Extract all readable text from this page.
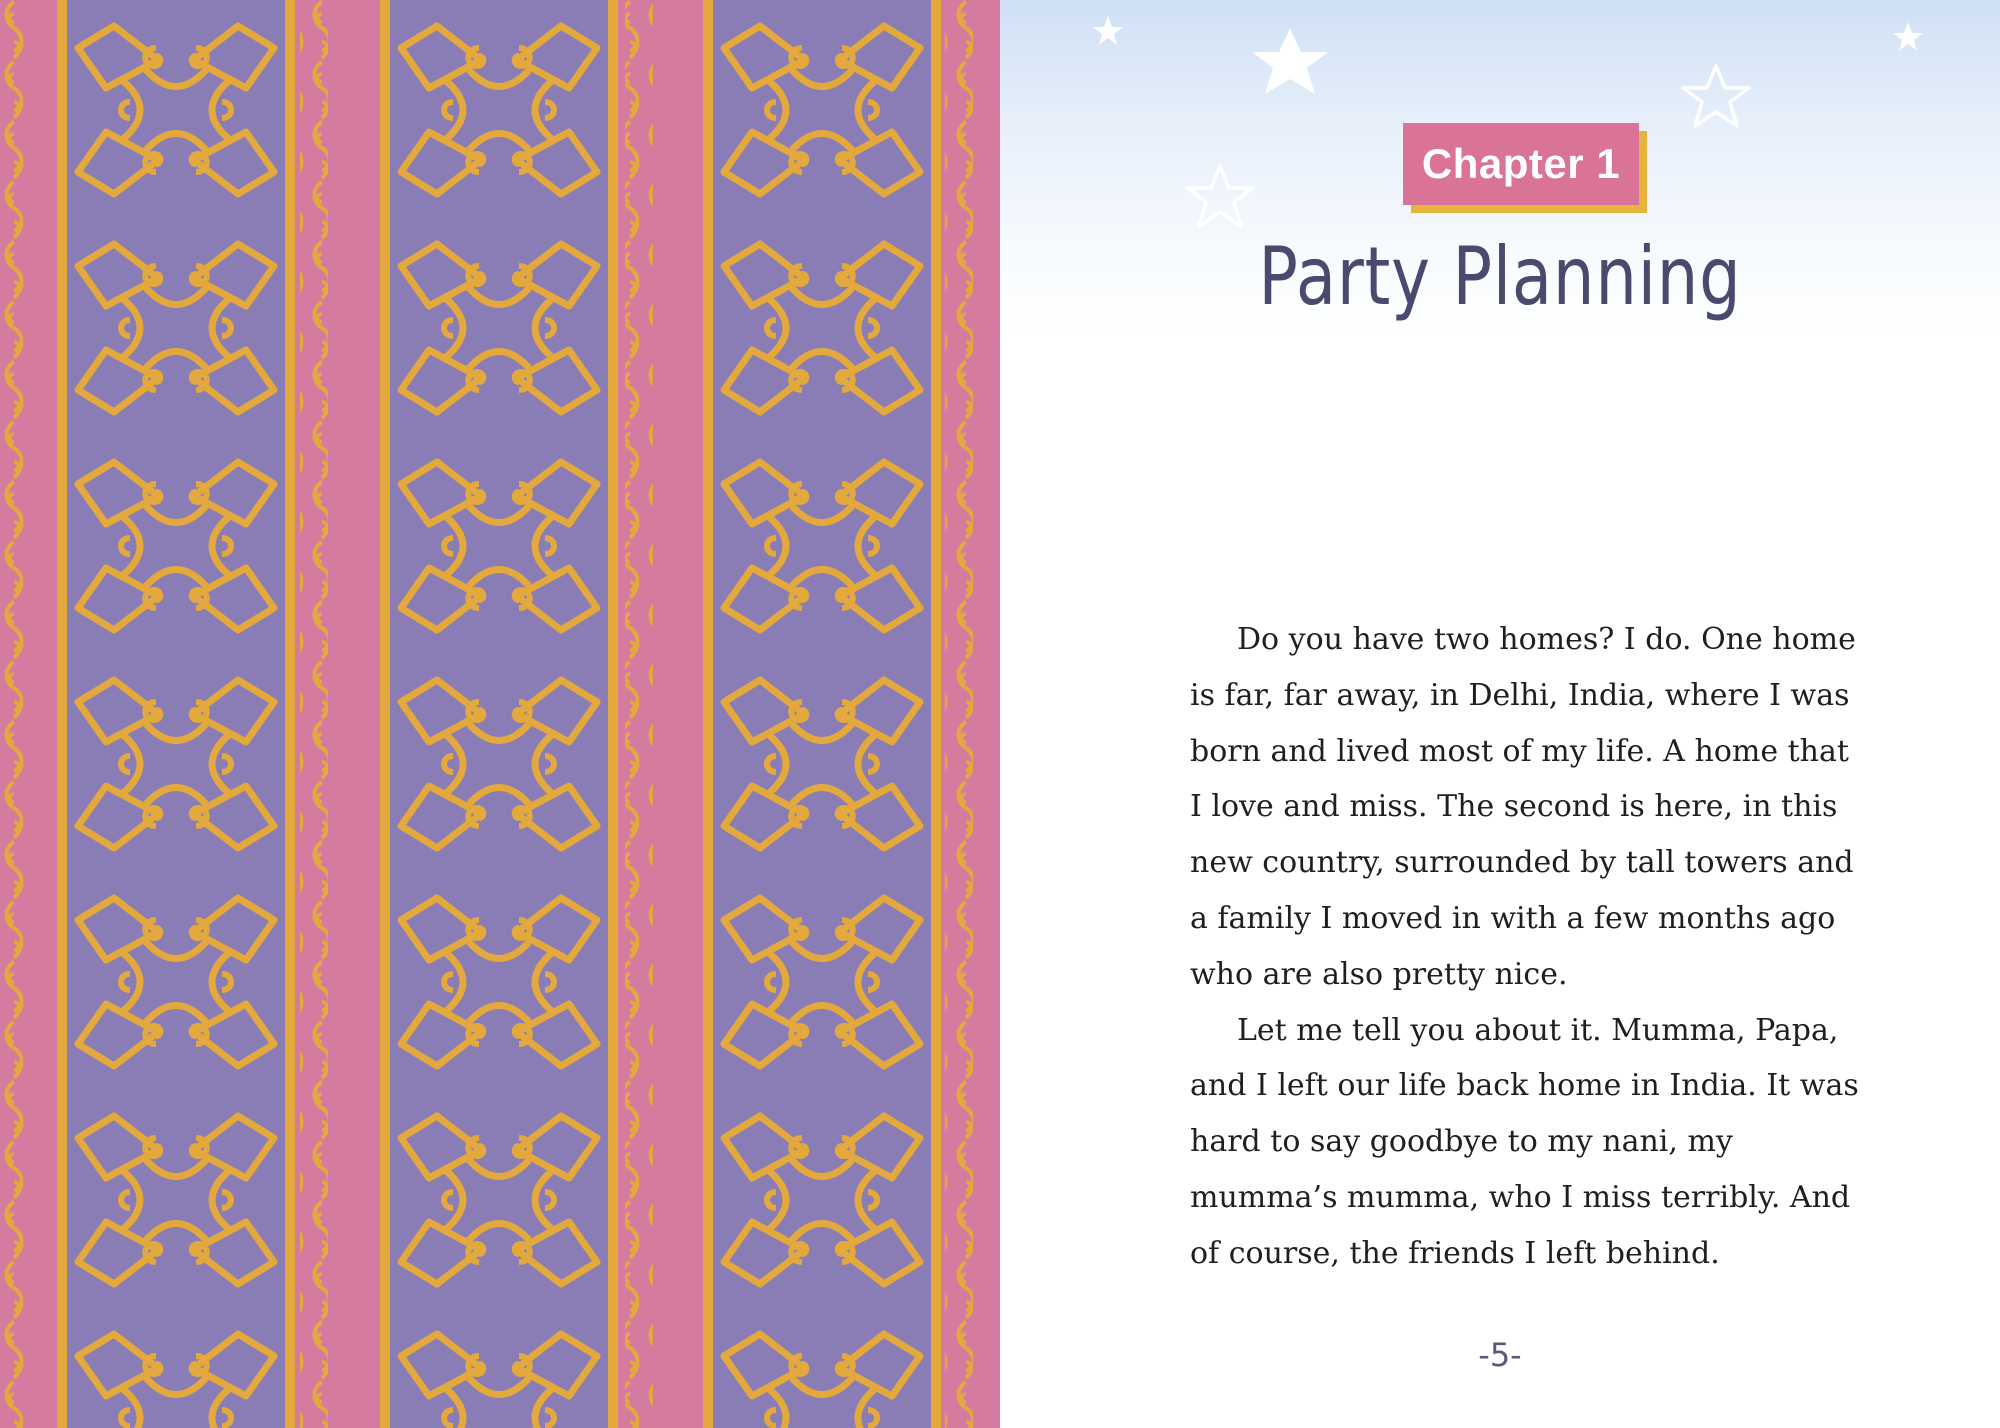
Chapter 1
Party Planning

Do you have two homes? I do. One home is far, far away, in Delhi, India, where I was born and lived most of my life. A home that I love and miss. The second is here, in this new country, surrounded by tall towers and a family I moved in with a few months ago who are also pretty nice.

Let me tell you about it. Mumma, Papa, and I left our life back home in India. It was hard to say goodbye to my nani, my mumma’s mumma, who I miss terribly. And of course, the friends I left behind.

-5-
